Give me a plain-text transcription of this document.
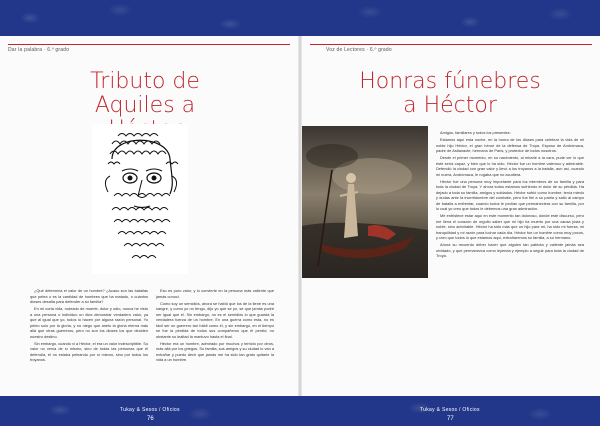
Dar la palabra · 6.º grado	Voz de Lectores · 6.º grado
Tributo de
Aquiles a

¿Qué determina el valor de un hombre? ¿Acaso son las batallas que pelea o es la cantidad de hombres que ha matado, o cuántos dioses desafía para defender a su familia?

En mi corta vida, rodeado de muerte, dolor y odio, nunca he visto a una persona o individuo un dios demostrar verdadero valor, ya que al igual que yo, todos lo hacen por alguna razón personal. Yo peleo solo por la gloria, y no niego que anelo la gloria eterna más allá que otras guerreros, pero no son los dioses los que deciden nuestro destino.

Sin embargo, cuando vi a Héctor, el era un valor indescriptible. Su valor no venía de sí mismo, sino de todas las personas que él defendía, él no estaba peleando por sí mismo, sino por todos los troyanos.

Eso es puro valor, y lo convierte en la persona más valiente que jamás conocí.

Como soy un semidiós, ahora se habló que los de la tiene es una sangre, y como yo no tengo, dijo yo que se yo, sé que jamás podré ser igual que él. Sin embargo, no es el semidiós lo que guarda la verdadera fuerza de un hombre. En una guerra como esta, no es fácil ser un guerrero tan hábil como él, y sin embargo, en el tiempo se fue la pérdida de todos sus compañeros que él perdió; no obstante su lealtad la mantuvo hasta el final.

Héctor era un hombre, admirado por muchos y temido por otros, más allá por los griegos. Su familia, sus amigos y su ciudad lo van a extrañar y puedo decir que jamás me ha sido tan grato quitarle la vida a un hombre.

Honras fúnebres
a Héctor

Amigos, familiares y todos los presentes:

Estamos aquí esta noche, en la honra de los dioses para celebrar la vida de mi noble hijo Héctor, el gran héroe de la defensa de Troya. Esposo de Andrómaca, padre de Astianacte, hermano de Paris, y protector de todos nosotros.

Desde el primer momento, en su nacimiento, al mirarle a la cara, pude ver lo que éste sería capaz, y bien que lo ha sido. Héctor fue un hombre valeroso y admirable. Defendió la ciudad con gran valor y llevó a los troyanos a la batalla, aun así, cuando mi nuera, Andrómaca, le rogaba que no acudiera.

Héctor fue una persona muy importante para los miembros de su familia y para toda la ciudad de Troya. Y ahora todos estamos sufriendo el dolor de su pérdida. Ha dejado a toda su familia, amigos y soldados. Héctor sufrió como hombre, tenía miedo y dudas ante la incertidumbre del combate, pero fue fiel a su patria y salió al campo de batalla a enfrentar, cuando todos le pedían que permaneciera con su familia, por lo cual yo creo que todos le debemos una gran admiración.

Me entristece estar aquí en este momento tan doloroso, donde este discurso, pero me llena el corazón de orgullo saber que mi hijo ha muerto por una causa justa y noble, sino admirable. Héctor ha sido más que un hijo para mí, ha sido mi fuerza, mi tranquilidad y mi razón para luchar cada día. Héctor fue un hombre como muy pocos, y creo que todos lo que estamos aquí, extrañaremos su familia, a su hermano.

Ahora su recuerdo deber hacer que alguien tan patriota y valiente jamás sea olvidado, y que permanezca como leyenda y ejemplo a seguir para toda la ciudad de Troya.

Tukay & Sesos / Oficios
76
Tukay & Sesos / Oficios
77
